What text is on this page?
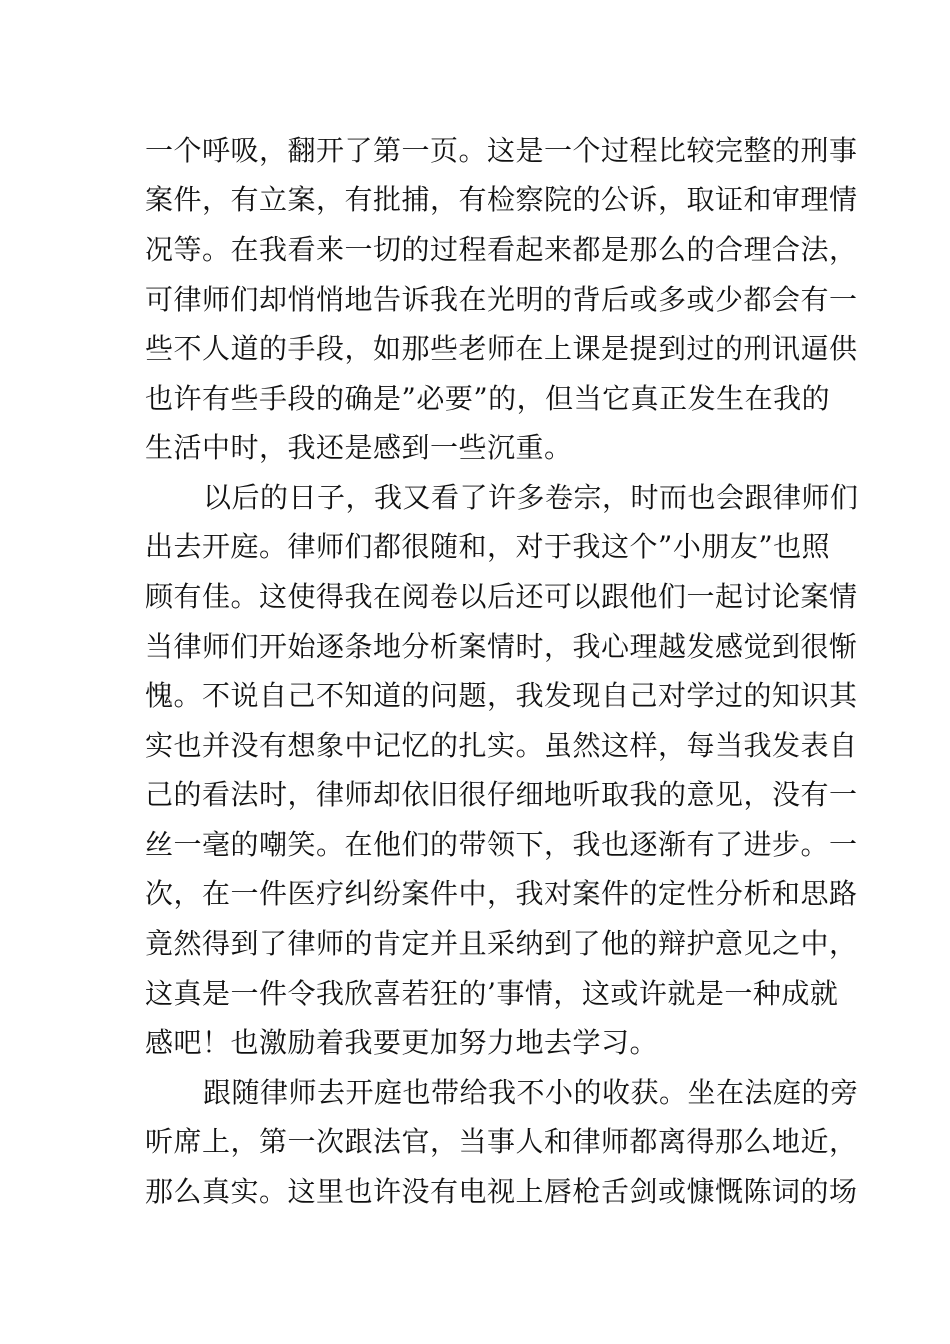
一个呼吸，翻开了第一页。这是一个过程比较完整的刑事
案件，有立案，有批捕，有检察院的公诉，取证和审理情
况等。在我看来一切的过程看起来都是那么的合理合法，
可律师们却悄悄地告诉我在光明的背后或多或少都会有一
些不人道的手段，如那些老师在上课是提到过的刑讯逼供
也许有些手段的确是”必要”的，但当它真正发生在我的
生活中时，我还是感到一些沉重。
以后的日子，我又看了许多卷宗，时而也会跟律师们
出去开庭。律师们都很随和，对于我这个”小朋友”也照
顾有佳。这使得我在阅卷以后还可以跟他们一起讨论案情
当律师们开始逐条地分析案情时，我心理越发感觉到很惭
愧。不说自己不知道的问题，我发现自己对学过的知识其
实也并没有想象中记忆的扎实。虽然这样，每当我发表自
己的看法时，律师却依旧很仔细地听取我的意见，没有一
丝一毫的嘲笑。在他们的带领下，我也逐渐有了进步。一
次，在一件医疗纠纷案件中，我对案件的定性分析和思路
竟然得到了律师的肯定并且采纳到了他的辩护意见之中，
这真是一件令我欣喜若狂的’事情，这或许就是一种成就
感吧！也激励着我要更加努力地去学习。
跟随律师去开庭也带给我不小的收获。坐在法庭的旁
听席上，第一次跟法官，当事人和律师都离得那么地近，
那么真实。这里也许没有电视上唇枪舌剑或慷慨陈词的场
